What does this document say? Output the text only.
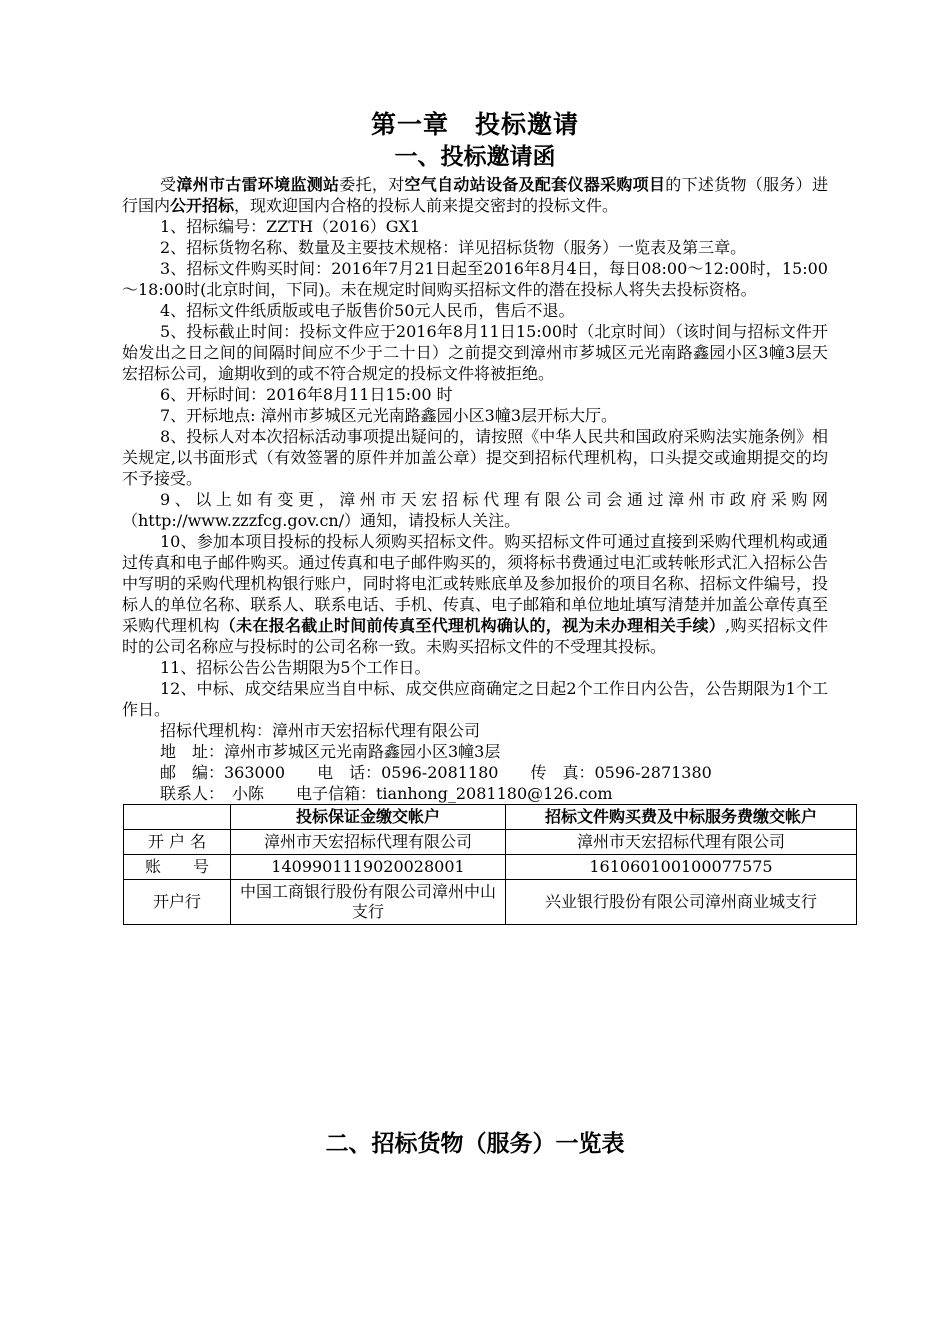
第一章　投标邀请
一、投标邀请函

受漳州市古雷环境监测站委托，对空气自动站设备及配套仪器采购项目的下述货物（服务）进行国内公开招标，现欢迎国内合格的投标人前来提交密封的投标文件。

1、招标编号：ZZTH（2016）GX1

2、招标货物名称、数量及主要技术规格：详见招标货物（服务）一览表及第三章。

3、招标文件购买时间：2016年7月21日起至2016年8月4日，每日08:00～12:00时，15:00～18:00时(北京时间，下同)。未在规定时间购买招标文件的潜在投标人将失去投标资格。

4、招标文件纸质版或电子版售价50元人民币，售后不退。

5、投标截止时间：投标文件应于2016年8月11日15:00时（北京时间）（该时间与招标文件开始发出之日之间的间隔时间应不少于二十日）之前提交到漳州市芗城区元光南路鑫园小区3幢3层天宏招标公司，逾期收到的或不符合规定的投标文件将被拒绝。

6、开标时间：2016年8月11日15:00 时

7、开标地点: 漳州市芗城区元光南路鑫园小区3幢3层开标大厅。

8、投标人对本次招标活动事项提出疑问的，请按照《中华人民共和国政府采购法实施条例》相关规定,以书面形式（有效签署的原件并加盖公章）提交到招标代理机构，口头提交或逾期提交的均不予接受。

9、以上如有变更，漳州市天宏招标代理有限公司会通过漳州市政府采购网（http://www.zzzfcg.gov.cn/）通知，请投标人关注。

10、参加本项目投标的投标人须购买招标文件。购买招标文件可通过直接到采购代理机构或通过传真和电子邮件购买。通过传真和电子邮件购买的，须将标书费通过电汇或转帐形式汇入招标公告中写明的采购代理机构银行账户，同时将电汇或转账底单及参加报价的项目名称、招标文件编号，投标人的单位名称、联系人、联系电话、手机、传真、电子邮箱和单位地址填写清楚并加盖公章传真至采购代理机构（未在报名截止时间前传真至代理机构确认的，视为未办理相关手续）,购买招标文件时的公司名称应与投标时的公司名称一致。未购买招标文件的不受理其投标。

11、招标公告公告期限为5个工作日。

12、中标、成交结果应当自中标、成交供应商确定之日起2个工作日内公告，公告期限为1个工作日。

招标代理机构：漳州市天宏招标代理有限公司
地　址：漳州市芗城区元光南路鑫园小区3幢3层
邮　编：363000　　电　话：0596-2081180　　传　真：0596-2871380
联系人：　小陈　　电子信箱：tianhong_2081180@126.com
	投标保证金缴交帐户	招标文件购买费及中标服务费缴交帐户
开 户 名	漳州市天宏招标代理有限公司	漳州市天宏招标代理有限公司
账　　号	1409901119020028001	161060100100077575
开户行	中国工商银行股份有限公司漳州中山支行	兴业银行股份有限公司漳州商业城支行
二、招标货物（服务）一览表
